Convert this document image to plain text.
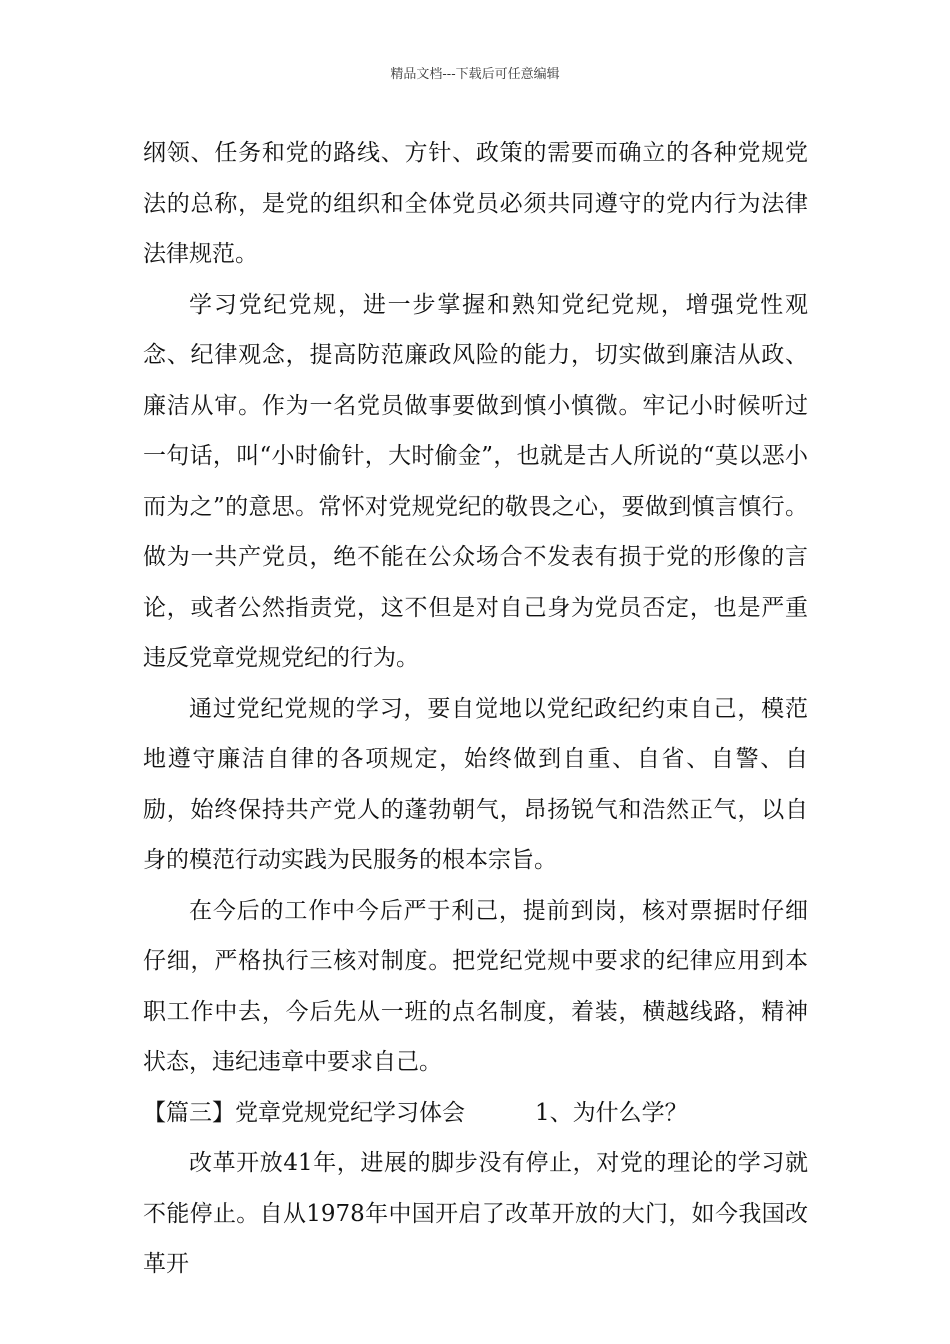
精品文档---下载后可任意编辑

纲领、任务和党的路线、方针、政策的需要而确立的各种党规党法的总称，是党的组织和全体党员必须共同遵守的党内行为法律法律规范。

学习党纪党规，进一步掌握和熟知党纪党规，增强党性观念、纪律观念，提高防范廉政风险的能力，切实做到廉洁从政、廉洁从审。作为一名党员做事要做到慎小慎微。牢记小时候听过一句话，叫“小时偷针，大时偷金”，也就是古人所说的“莫以恶小而为之”的意思。常怀对党规党纪的敬畏之心，要做到慎言慎行。做为一共产党员，绝不能在公众场合不发表有损于党的形像的言论，或者公然指责党，这不但是对自己身为党员否定，也是严重违反党章党规党纪的行为。

通过党纪党规的学习，要自觉地以党纪政纪约束自己，模范地遵守廉洁自律的各项规定，始终做到自重、自省、自警、自励，始终保持共产党人的蓬勃朝气，昂扬锐气和浩然正气，以自身的模范行动实践为民服务的根本宗旨。

在今后的工作中今后严于利己，提前到岗，核对票据时仔细仔细，严格执行三核对制度。把党纪党规中要求的纪律应用到本职工作中去，今后先从一班的点名制度，着装，横越线路，精神状态，违纪违章中要求自己。

【篇三】党章党规党纪学习体会	1、为什么学？

改革开放41年，进展的脚步没有停止，对党的理论的学习就不能停止。自从1978年中国开启了改革开放的大门，如今我国改革开
